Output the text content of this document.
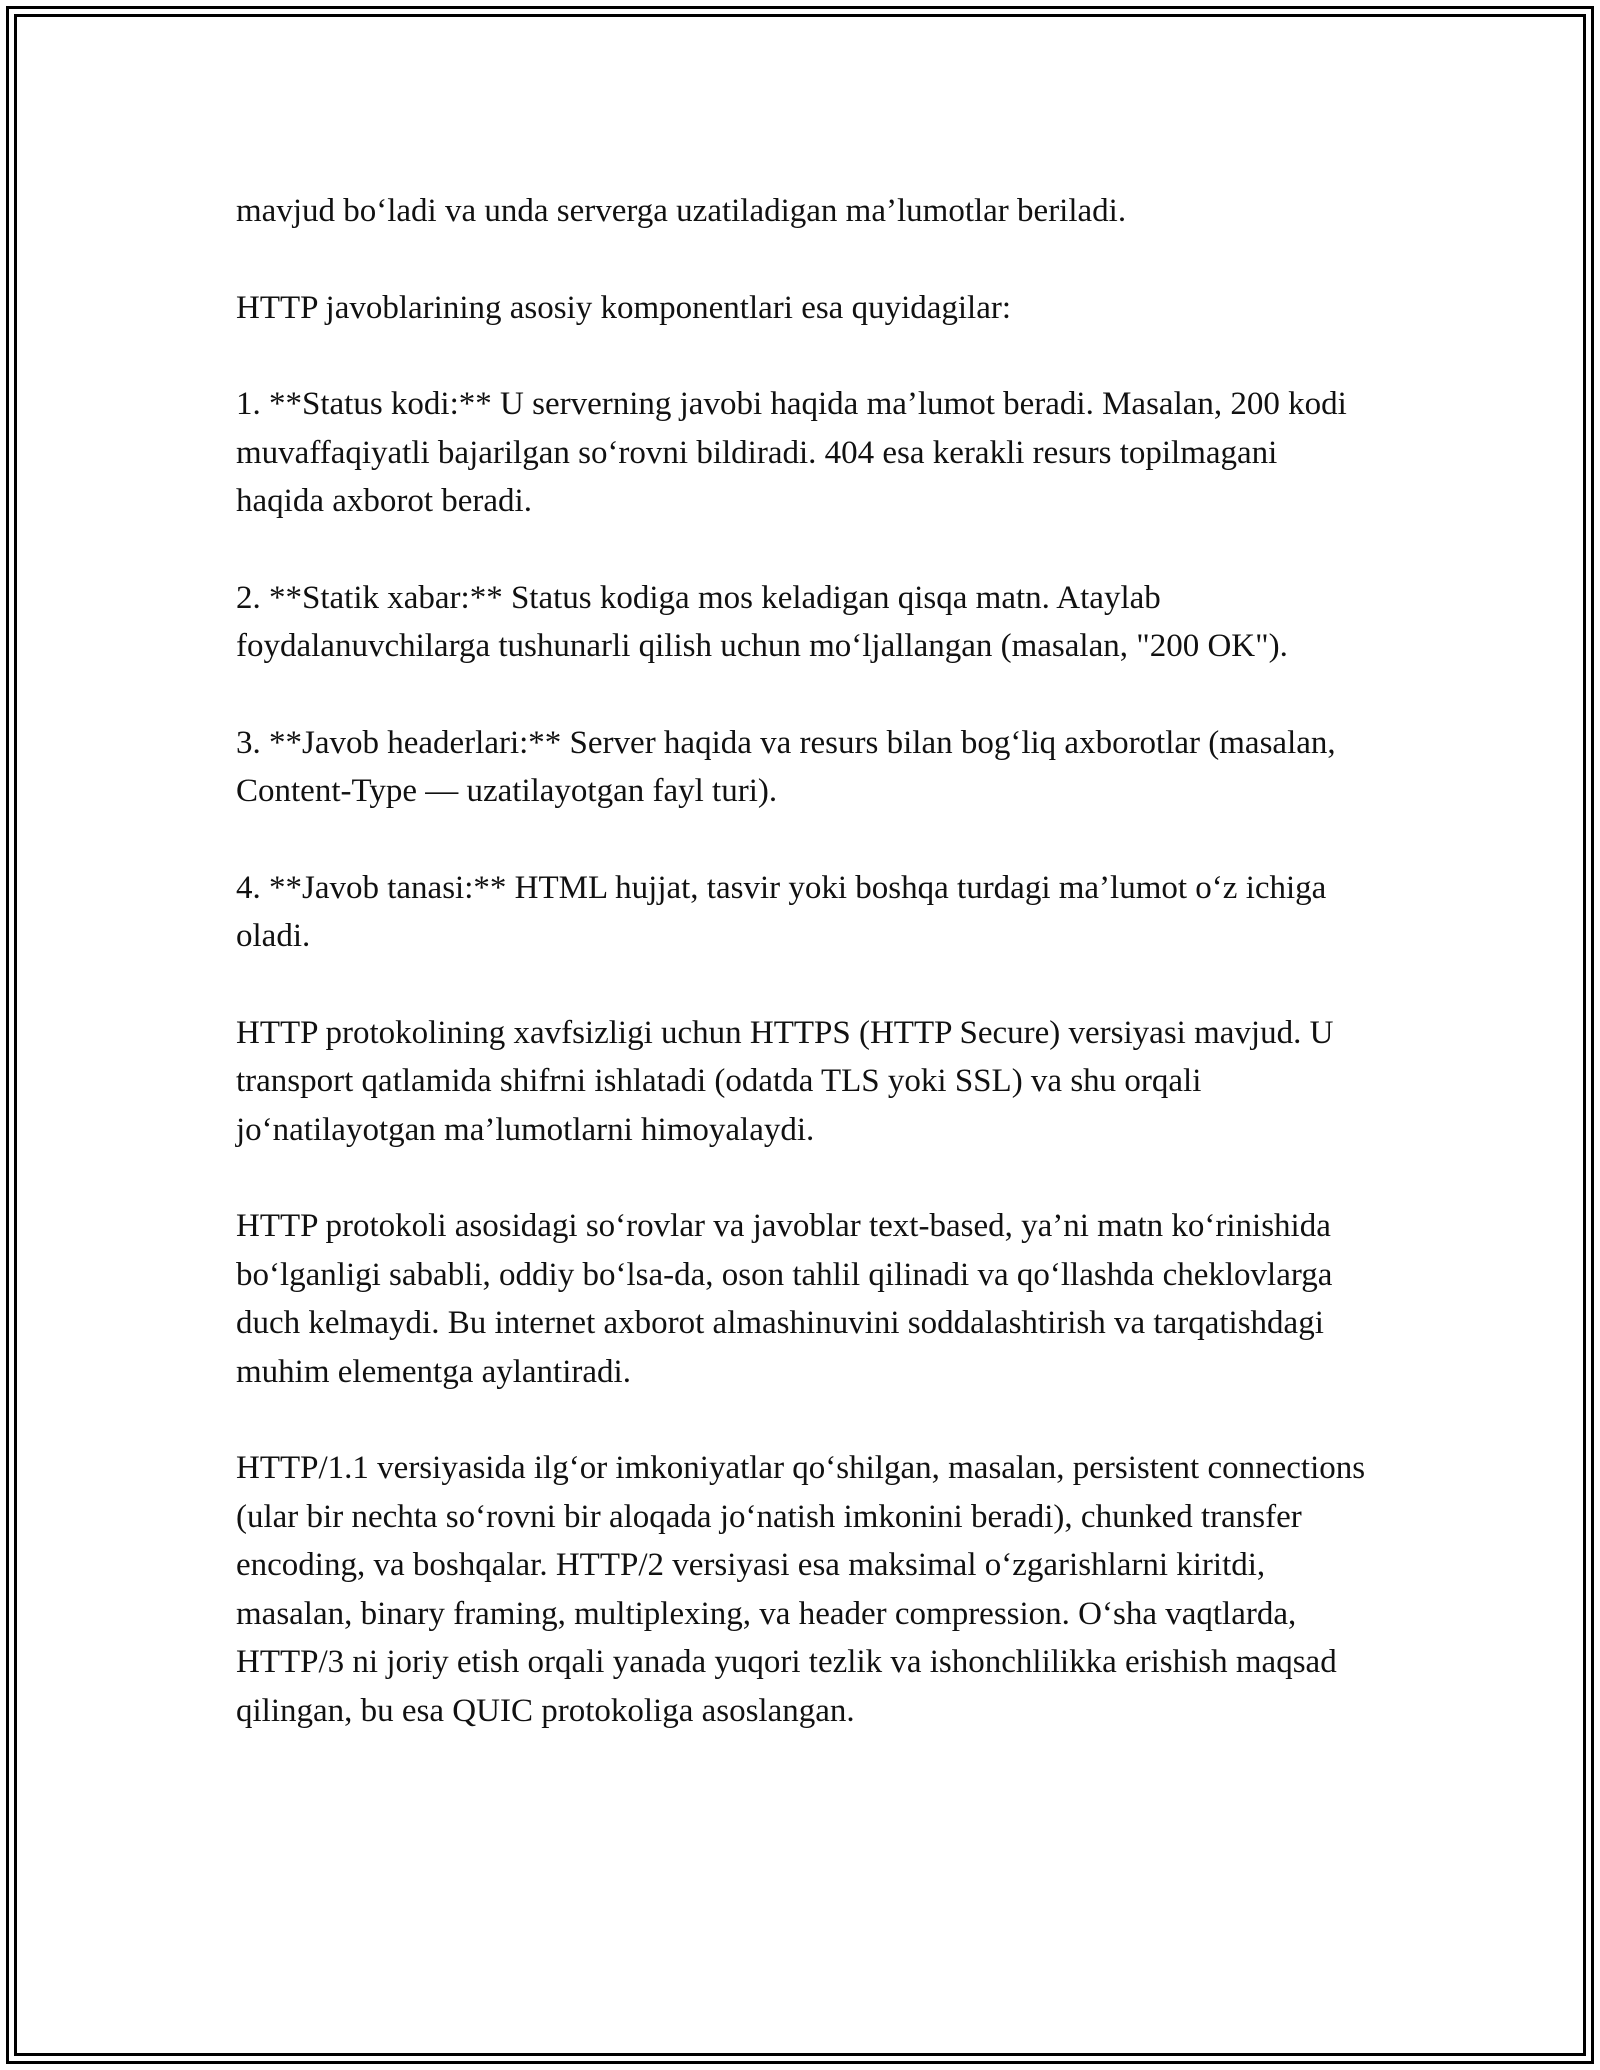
mavjud bo‘ladi va unda serverga uzatiladigan ma’lumotlar beriladi.

HTTP javoblarining asosiy komponentlari esa quyidagilar:

1. **Status kodi:** U serverning javobi haqida ma’lumot beradi. Masalan, 200 kodi muvaffaqiyatli bajarilgan so‘rovni bildiradi. 404 esa kerakli resurs topilmagani haqida axborot beradi.

2. **Statik xabar:** Status kodiga mos keladigan qisqa matn. Ataylab foydalanuvchilarga tushunarli qilish uchun mo‘ljallangan (masalan, "200 OK").

3. **Javob headerlari:** Server haqida va resurs bilan bog‘liq axborotlar (masalan, Content-Type — uzatilayotgan fayl turi).

4. **Javob tanasi:** HTML hujjat, tasvir yoki boshqa turdagi ma’lumot o‘z ichiga oladi.

HTTP protokolining xavfsizligi uchun HTTPS (HTTP Secure) versiyasi mavjud. U transport qatlamida shifrni ishlatadi (odatda TLS yoki SSL) va shu orqali jo‘natilayotgan ma’lumotlarni himoyalaydi.

HTTP protokoli asosidagi so‘rovlar va javoblar text-based, ya’ni matn ko‘rinishida bo‘lganligi sababli, oddiy bo‘lsa-da, oson tahlil qilinadi va qo‘llashda cheklovlarga duch kelmaydi. Bu internet axborot almashinuvini soddalashtirish va tarqatishdagi muhim elementga aylantiradi.

HTTP/1.1 versiyasida ilg‘or imkoniyatlar qo‘shilgan, masalan, persistent connections (ular bir nechta so‘rovni bir aloqada jo‘natish imkonini beradi), chunked transfer encoding, va boshqalar. HTTP/2 versiyasi esa maksimal o‘zgarishlarni kiritdi, masalan, binary framing, multiplexing, va header compression. O‘sha vaqtlarda, HTTP/3 ni joriy etish orqali yanada yuqori tezlik va ishonchlilikka erishish maqsad qilingan, bu esa QUIC protokoliga asoslangan.
